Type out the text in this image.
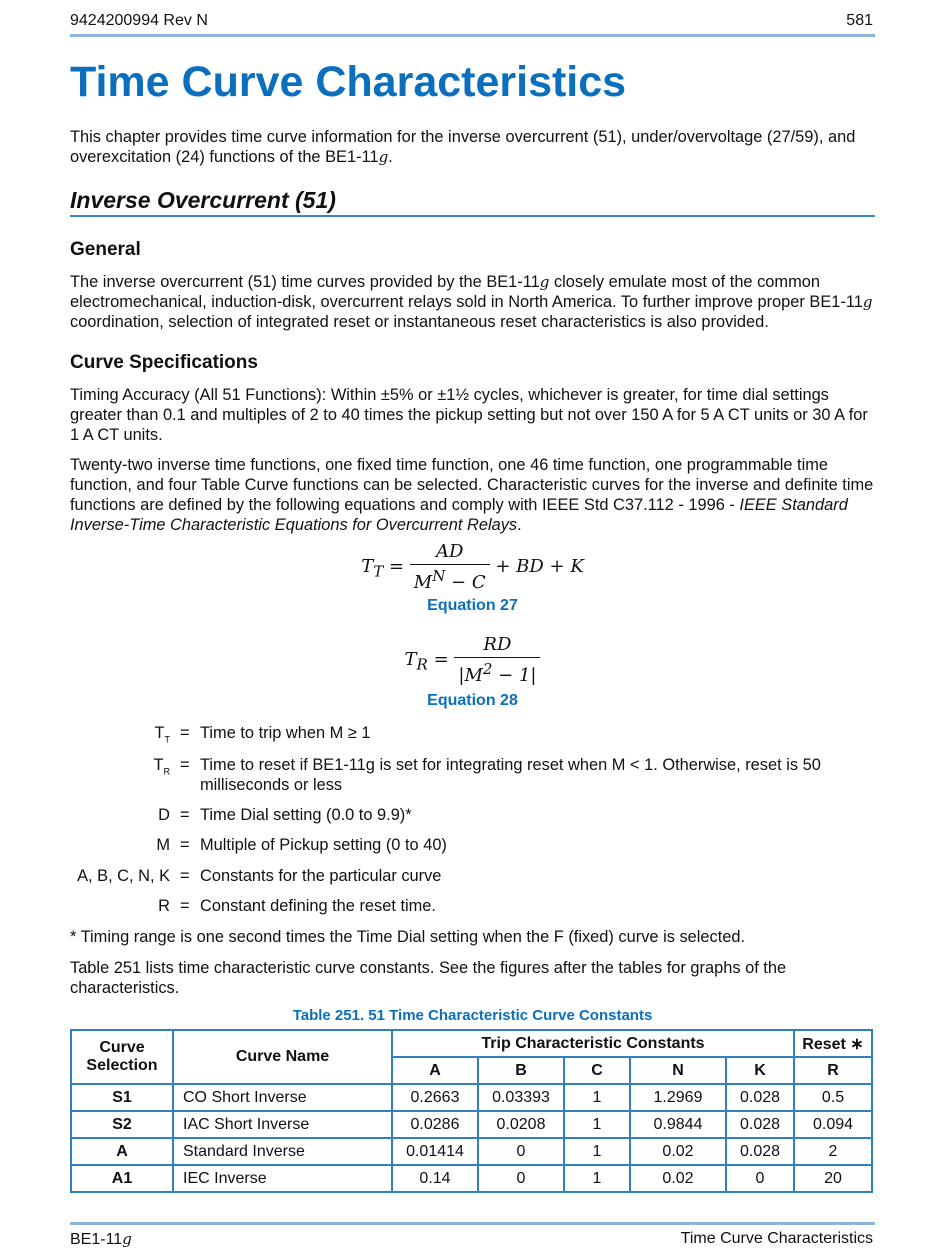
9424200994 Rev N	581
Time Curve Characteristics

This chapter provides time curve information for the inverse overcurrent (51), under/overvoltage (27/59), and overexcitation (24) functions of the BE1-11g.

Inverse Overcurrent (51)
General

The inverse overcurrent (51) time curves provided by the BE1-11g closely emulate most of the common electromechanical, induction-disk, overcurrent relays sold in North America. To further improve proper BE1-11g coordination, selection of integrated reset or instantaneous reset characteristics is also provided.

Curve Specifications

Timing Accuracy (All 51 Functions): Within ±5% or ±1½ cycles, whichever is greater, for time dial settings greater than 0.1 and multiples of 2 to 40 times the pickup setting but not over 150 A for 5 A CT units or 30 A for 1 A CT units.

Twenty-two inverse time functions, one fixed time function, one 46 time function, one programmable time function, and four Table Curve functions can be selected. Characteristic curves for the inverse and definite time functions are defined by the following equations and comply with IEEE Std C37.112 - 1996 - IEEE Standard Inverse-Time Characteristic Equations for Overcurrent Relays.

$T_T = \frac{AD}{M^N - C}$ + BD + K
Equation 27
$T_R = \frac{RD}{|M^2 - 1|}$
Equation 28
$T_T$ = Time to trip when M ≥ 1
$T_R$ = Time to reset if BE1-11g is set for integrating reset when M < 1. Otherwise, reset is 50 milliseconds or less
D = Time Dial setting (0.0 to 9.9)*
M = Multiple of Pickup setting (0 to 40)
A, B, C, N, K = Constants for the particular curve
R = Constant defining the reset time.

* Timing range is one second times the Time Dial setting when the F (fixed) curve is selected.

Table 251 lists time characteristic curve constants. See the figures after the tables for graphs of the characteristics.

Table 251. 51 Time Characteristic Curve Constants
Curve Selection	Curve Name	Trip Characteristic Constants					Reset ∗
		A	B	C	N	K	R
S1	CO Short Inverse	0.2663	0.03393	1	1.2969	0.028	0.5
S2	IAC Short Inverse	0.0286	0.0208	1	0.9844	0.028	0.094
A	Standard Inverse	0.01414	0	1	0.02	0.028	2
A1	IEC Inverse	0.14	0	1	0.02	0	20
BE1-11g	Time Curve Characteristics
